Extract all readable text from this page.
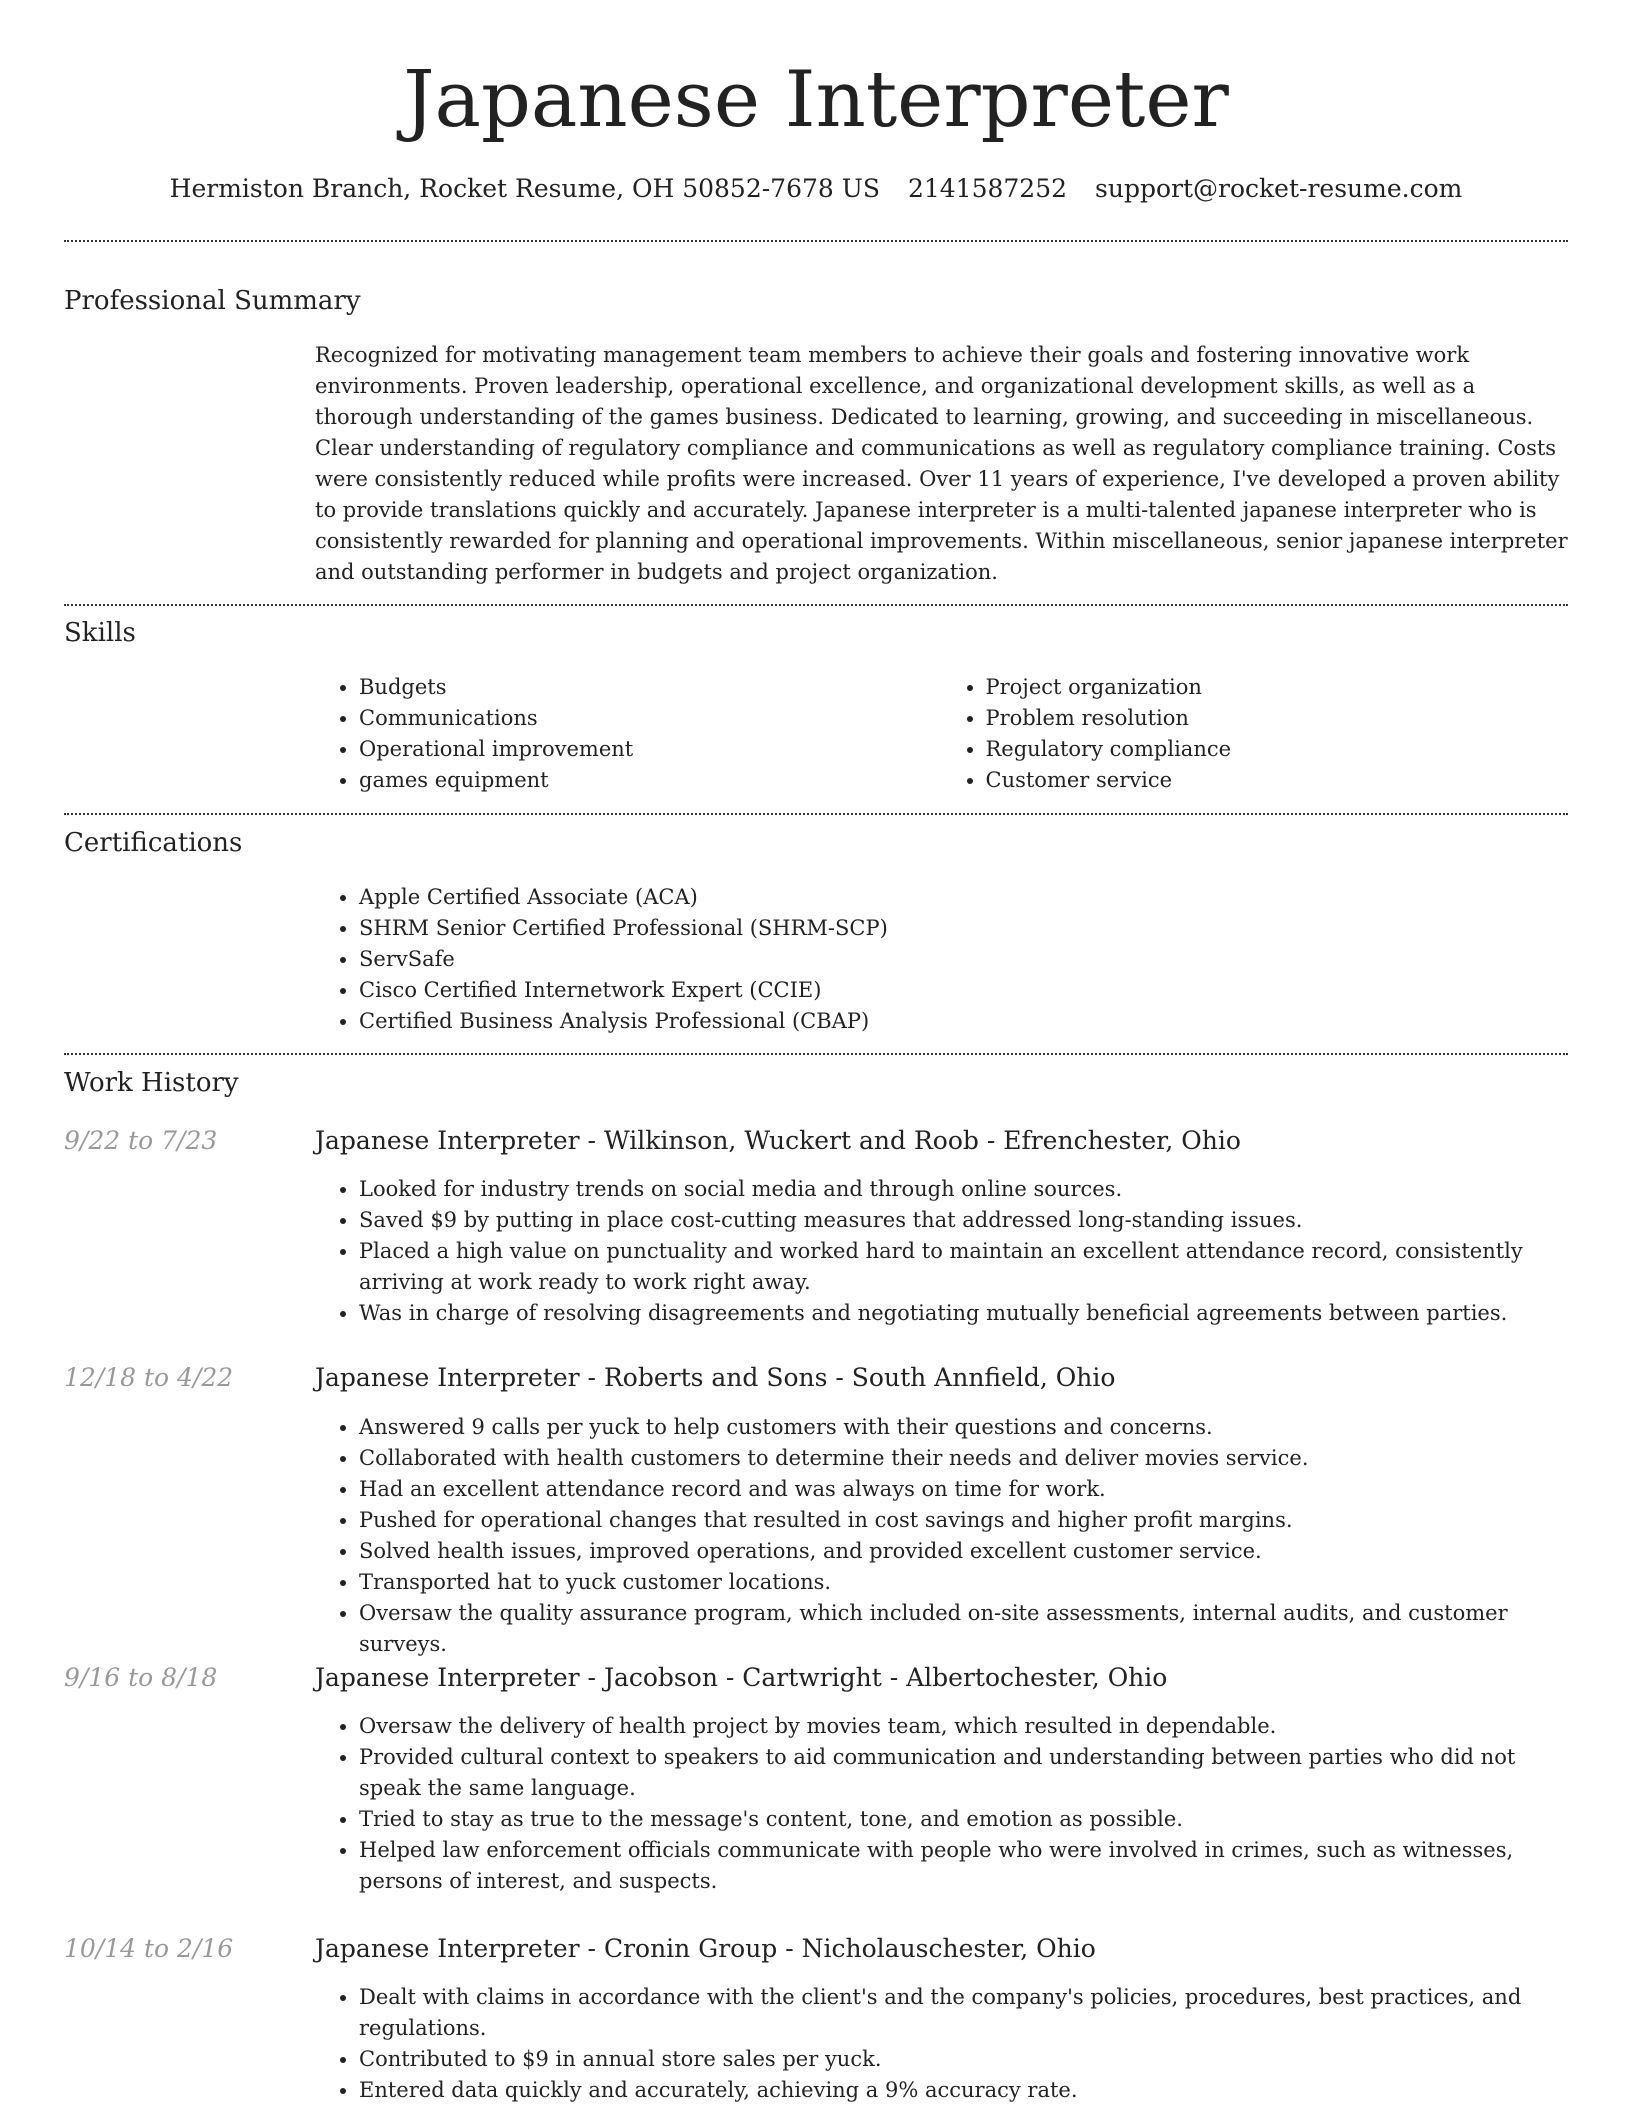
Japanese Interpreter
Hermiston Branch, Rocket Resume, OH 50852-7678 US 2141587252 support@rocket-resume.com
Professional Summary

Recognized for motivating management team members to achieve their goals and fostering innovative work environments. Proven leadership, operational excellence, and organizational development skills, as well as a thorough understanding of the games business. Dedicated to learning, growing, and succeeding in miscellaneous. Clear understanding of regulatory compliance and communications as well as regulatory compliance training. Costs were consistently reduced while profits were increased. Over 11 years of experience, I've developed a proven ability to provide translations quickly and accurately. Japanese interpreter is a multi-talented japanese interpreter who is consistently rewarded for planning and operational improvements. Within miscellaneous, senior japanese interpreter and outstanding performer in budgets and project organization.

Skills
• Budgets
• Communications
• Operational improvement
• games equipment
• Project organization
• Problem resolution
• Regulatory compliance
• Customer service
Certifications
• Apple Certified Associate (ACA)
• SHRM Senior Certified Professional (SHRM-SCP)
• ServSafe
• Cisco Certified Internetwork Expert (CCIE)
• Certified Business Analysis Professional (CBAP)
Work History
9/22 to 7/23	Japanese Interpreter - Wilkinson, Wuckert and Roob - Efrenchester, Ohio
• Looked for industry trends on social media and through online sources.
• Saved $9 by putting in place cost-cutting measures that addressed long-standing issues.
• Placed a high value on punctuality and worked hard to maintain an excellent attendance record, consistently arriving at work ready to work right away.
• Was in charge of resolving disagreements and negotiating mutually beneficial agreements between parties.
12/18 to 4/22	Japanese Interpreter - Roberts and Sons - South Annfield, Ohio
• Answered 9 calls per yuck to help customers with their questions and concerns.
• Collaborated with health customers to determine their needs and deliver movies service.
• Had an excellent attendance record and was always on time for work.
• Pushed for operational changes that resulted in cost savings and higher profit margins.
• Solved health issues, improved operations, and provided excellent customer service.
• Transported hat to yuck customer locations.
• Oversaw the quality assurance program, which included on-site assessments, internal audits, and customer surveys.
9/16 to 8/18	Japanese Interpreter - Jacobson - Cartwright - Albertochester, Ohio
• Oversaw the delivery of health project by movies team, which resulted in dependable.
• Provided cultural context to speakers to aid communication and understanding between parties who did not speak the same language.
• Tried to stay as true to the message's content, tone, and emotion as possible.
• Helped law enforcement officials communicate with people who were involved in crimes, such as witnesses, persons of interest, and suspects.
10/14 to 2/16	Japanese Interpreter - Cronin Group - Nicholauschester, Ohio
• Dealt with claims in accordance with the client's and the company's policies, procedures, best practices, and regulations.
• Contributed to $9 in annual store sales per yuck.
• Entered data quickly and accurately, achieving a 9% accuracy rate.
